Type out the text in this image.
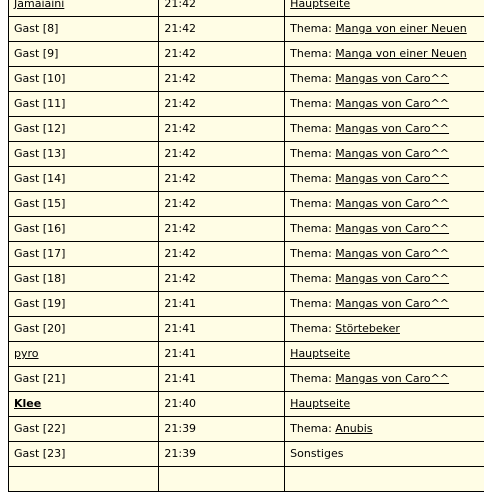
Jamaiaini	21:42	Hauptseite
Gast [8]	21:42	Thema: Manga von einer Neuen
Gast [9]	21:42	Thema: Manga von einer Neuen
Gast [10]	21:42	Thema: Mangas von Caro^^
Gast [11]	21:42	Thema: Mangas von Caro^^
Gast [12]	21:42	Thema: Mangas von Caro^^
Gast [13]	21:42	Thema: Mangas von Caro^^
Gast [14]	21:42	Thema: Mangas von Caro^^
Gast [15]	21:42	Thema: Mangas von Caro^^
Gast [16]	21:42	Thema: Mangas von Caro^^
Gast [17]	21:42	Thema: Mangas von Caro^^
Gast [18]	21:42	Thema: Mangas von Caro^^
Gast [19]	21:41	Thema: Mangas von Caro^^
Gast [20]	21:41	Thema: Störtebeker
pyro	21:41	Hauptseite
Gast [21]	21:41	Thema: Mangas von Caro^^
Klee	21:40	Hauptseite
Gast [22]	21:39	Thema: Anubis
Gast [23]	21:39	Sonstiges
